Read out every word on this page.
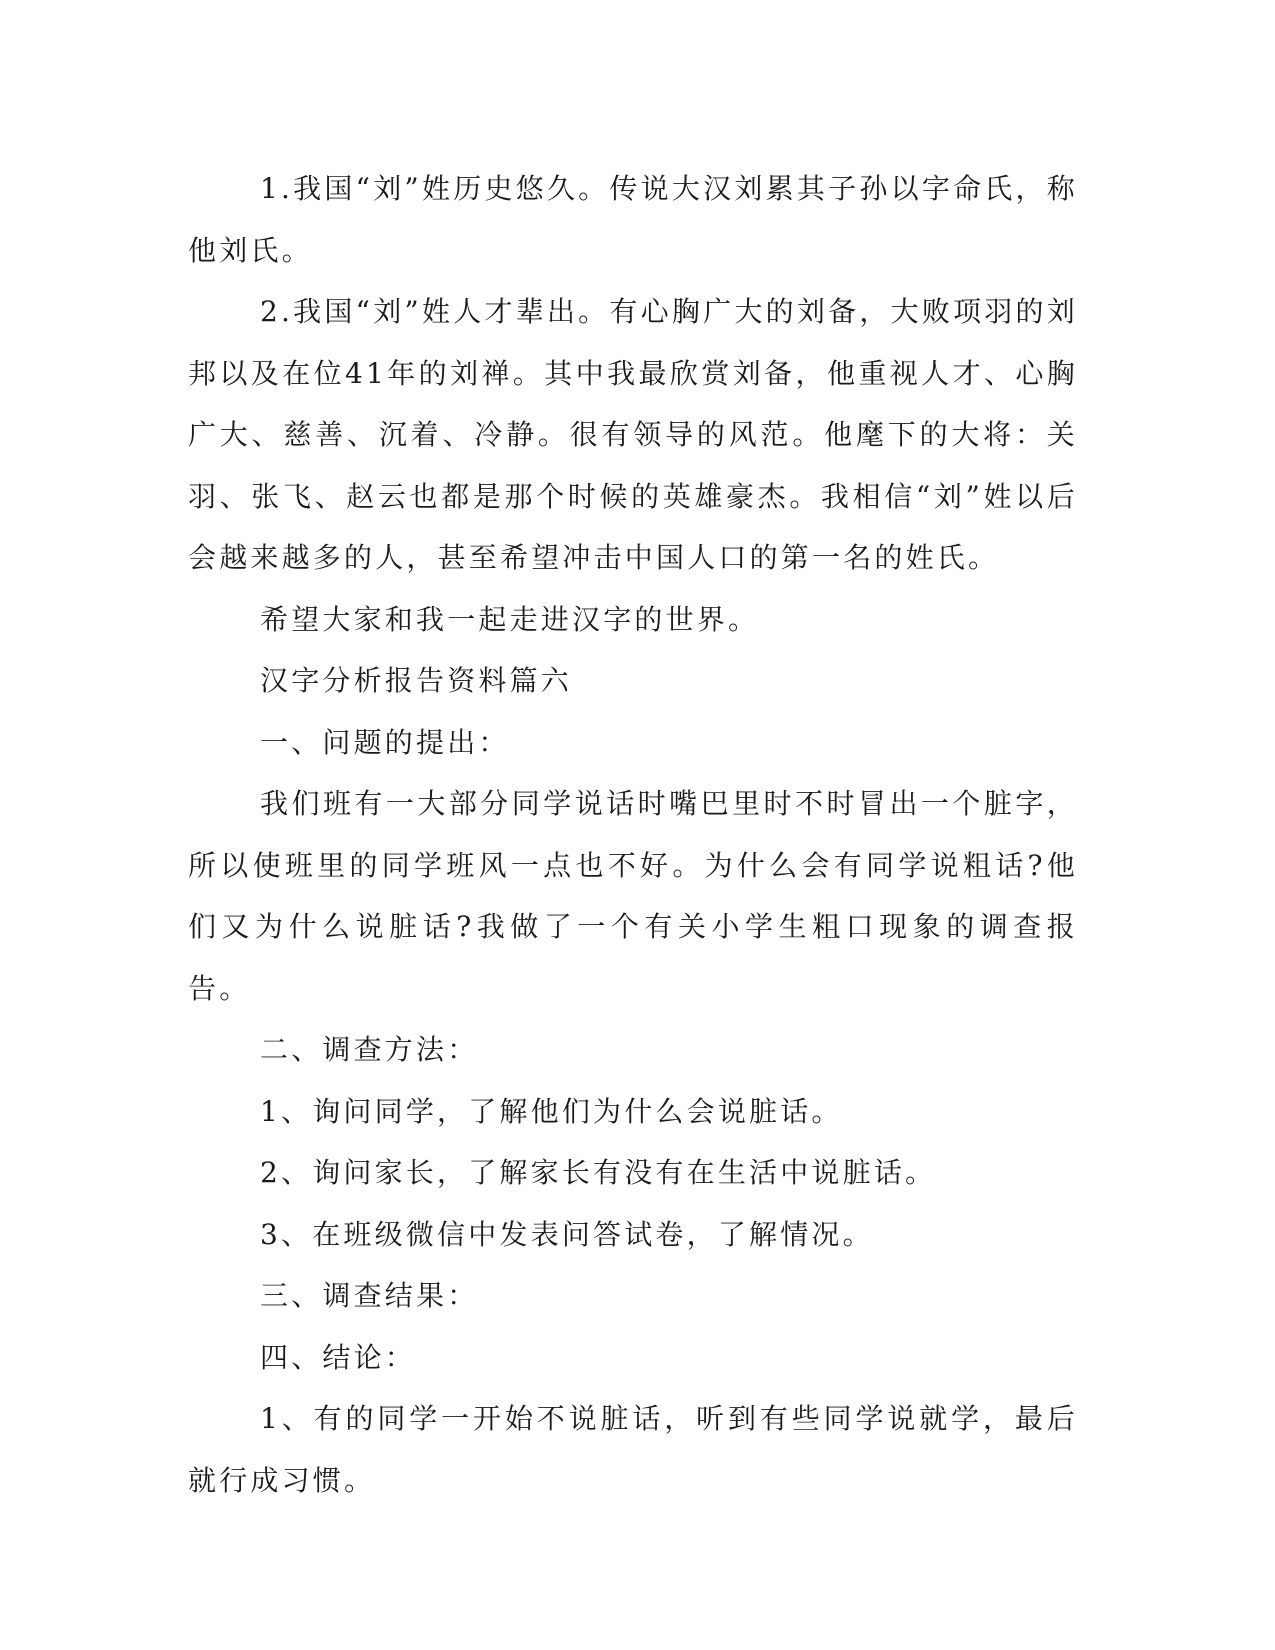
1.我国“刘”姓历史悠久。传说大汉刘累其子孙以字命氏，称他刘氏。

2.我国“刘”姓人才辈出。有心胸广大的刘备，大败项羽的刘邦以及在位41年的刘禅。其中我最欣赏刘备，他重视人才、心胸广大、慈善、沉着、冷静。很有领导的风范。他麾下的大将：关羽、张飞、赵云也都是那个时候的英雄豪杰。我相信“刘”姓以后会越来越多的人，甚至希望冲击中国人口的第一名的姓氏。

希望大家和我一起走进汉字的世界。

汉字分析报告资料篇六

一、问题的提出：

我们班有一大部分同学说话时嘴巴里时不时冒出一个脏字，所以使班里的同学班风一点也不好。为什么会有同学说粗话?他们又为什么说脏话?我做了一个有关小学生粗口现象的调查报告。

二、调查方法：

1、询问同学，了解他们为什么会说脏话。

2、询问家长，了解家长有没有在生活中说脏话。

3、在班级微信中发表问答试卷，了解情况。

三、调查结果：

四、结论：

1、有的同学一开始不说脏话，听到有些同学说就学，最后就行成习惯。
